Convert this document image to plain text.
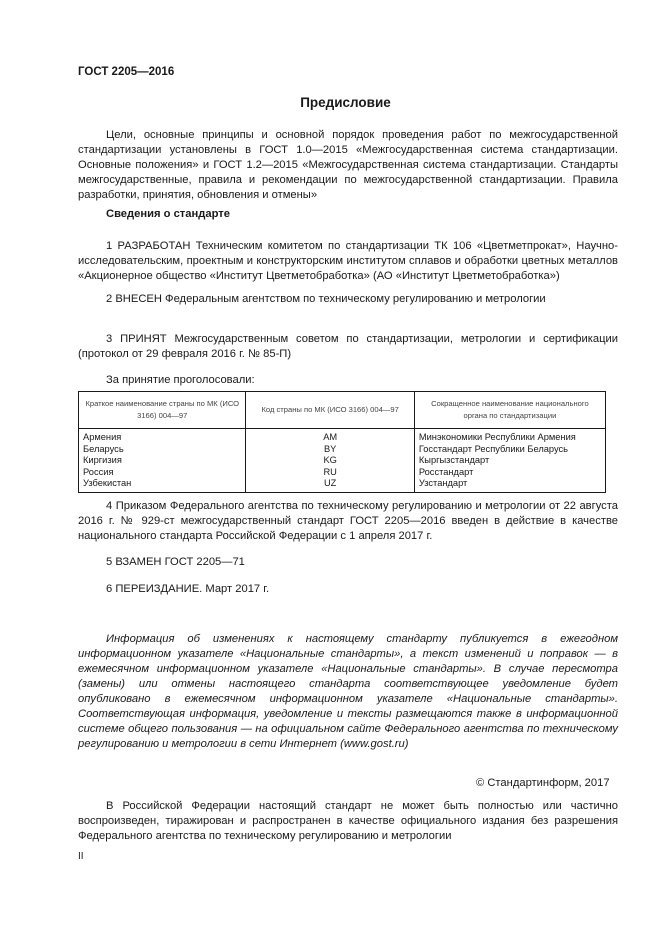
ГОСТ 2205—2016
Предисловие
Цели, основные принципы и основной порядок проведения работ по межгосударственной стандартизации установлены в ГОСТ 1.0—2015 «Межгосударственная система стандартизации. Основные положения» и ГОСТ 1.2—2015 «Межгосударственная система стандартизации. Стандарты межгосударственные, правила и рекомендации по межгосударственной стандартизации. Правила разработки, принятия, обновления и отмены»
Сведения о стандарте
1 РАЗРАБОТАН Техническим комитетом по стандартизации ТК 106 «Цветметпрокат», Научно-исследовательским, проектным и конструкторским институтом сплавов и обработки цветных металлов «Акционерное общество «Институт Цветметобработка» (АО «Институт Цветметобработка»)
2 ВНЕСЕН Федеральным агентством по техническому регулированию и метрологии
3 ПРИНЯТ Межгосударственным советом по стандартизации, метрологии и сертификации (протокол от 29 февраля 2016 г. № 85-П)
За принятие проголосовали:
Краткое наименование страны по МК (ИСО 3166) 004—97	Код страны по МК (ИСО 3166) 004—97	Сокращенное наименование национального органа по стандартизации
Армения	AM	Минэкономики Республики Армения
Беларусь	BY	Госстандарт Республики Беларусь
Киргизия	KG	Кыргызстандарт
Россия	RU	Росстандарт
Узбекистан	UZ	Узстандарт
4 Приказом Федерального агентства по техническому регулированию и метрологии от 22 августа 2016 г. № 929-ст межгосударственный стандарт ГОСТ 2205—2016 введен в действие в качестве национального стандарта Российской Федерации с 1 апреля 2017 г.
5 ВЗАМЕН ГОСТ 2205—71
6 ПЕРЕИЗДАНИЕ. Март 2017 г.
Информация об изменениях к настоящему стандарту публикуется в ежегодном информационном указателе «Национальные стандарты», а текст изменений и поправок — в ежемесячном информационном указателе «Национальные стандарты». В случае пересмотра (замены) или отмены настоящего стандарта соответствующее уведомление будет опубликовано в ежемесячном информационном указателе «Национальные стандарты». Соответствующая информация, уведомление и тексты размещаются также в информационной системе общего пользования — на официальном сайте Федерального агентства по техническому регулированию и метрологии в сети Интернет (www.gost.ru)
© Стандартинформ, 2017
В Российской Федерации настоящий стандарт не может быть полностью или частично воспроизведен, тиражирован и распространен в качестве официального издания без разрешения Федерального агентства по техническому регулированию и метрологии
II
